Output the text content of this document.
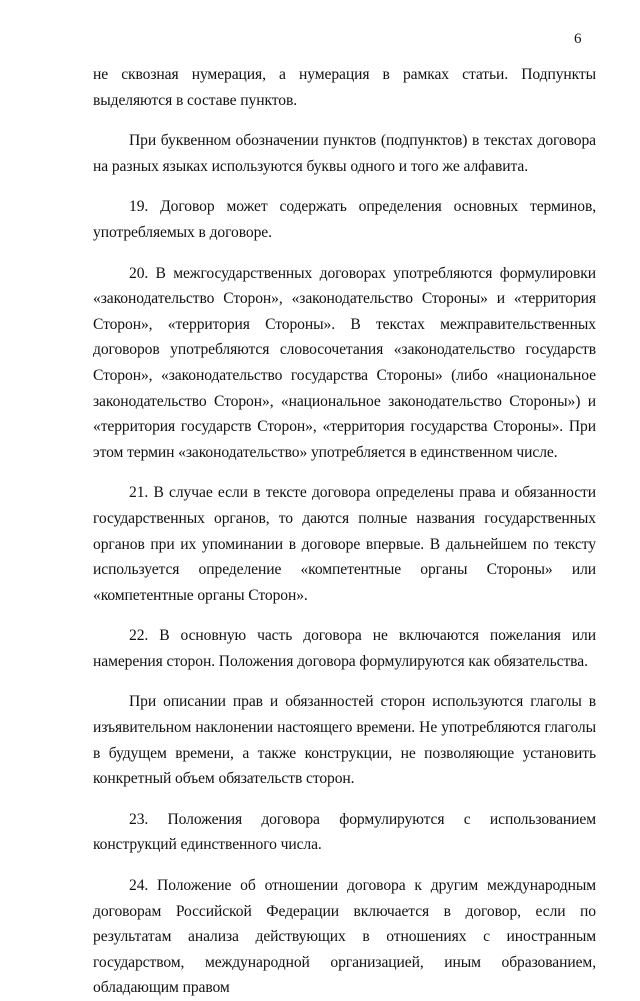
6

не сквозная нумерация, а нумерация в рамках статьи. Подпункты выделяются в составе пунктов.

При буквенном обозначении пунктов (подпунктов) в текстах договора на разных языках используются буквы одного и того же алфавита.

19. Договор может содержать определения основных терминов, употребляемых в договоре.

20. В межгосударственных договорах употребляются формулировки «законодательство Сторон», «законодательство Стороны» и «территория Сторон», «территория Стороны». В текстах межправительственных договоров употребляются словосочетания «законодательство государств Сторон», «законодательство государства Стороны» (либо «национальное законодательство Сторон», «национальное законодательство Стороны») и «территория государств Сторон», «территория государства Стороны». При этом термин «законодательство» употребляется в единственном числе.

21. В случае если в тексте договора определены права и обязанности государственных органов, то даются полные названия государственных органов при их упоминании в договоре впервые. В дальнейшем по тексту используется определение «компетентные органы Стороны» или «компетентные органы Сторон».

22. В основную часть договора не включаются пожелания или намерения сторон. Положения договора формулируются как обязательства.

При описании прав и обязанностей сторон используются глаголы в изъявительном наклонении настоящего времени. Не употребляются глаголы в будущем времени, а также конструкции, не позволяющие установить конкретный объем обязательств сторон.

23. Положения договора формулируются с использованием конструкций единственного числа.

24. Положение об отношении договора к другим международным договорам Российской Федерации включается в договор, если по результатам анализа действующих в отношениях с иностранным государством, международной организацией, иным образованием, обладающим правом
